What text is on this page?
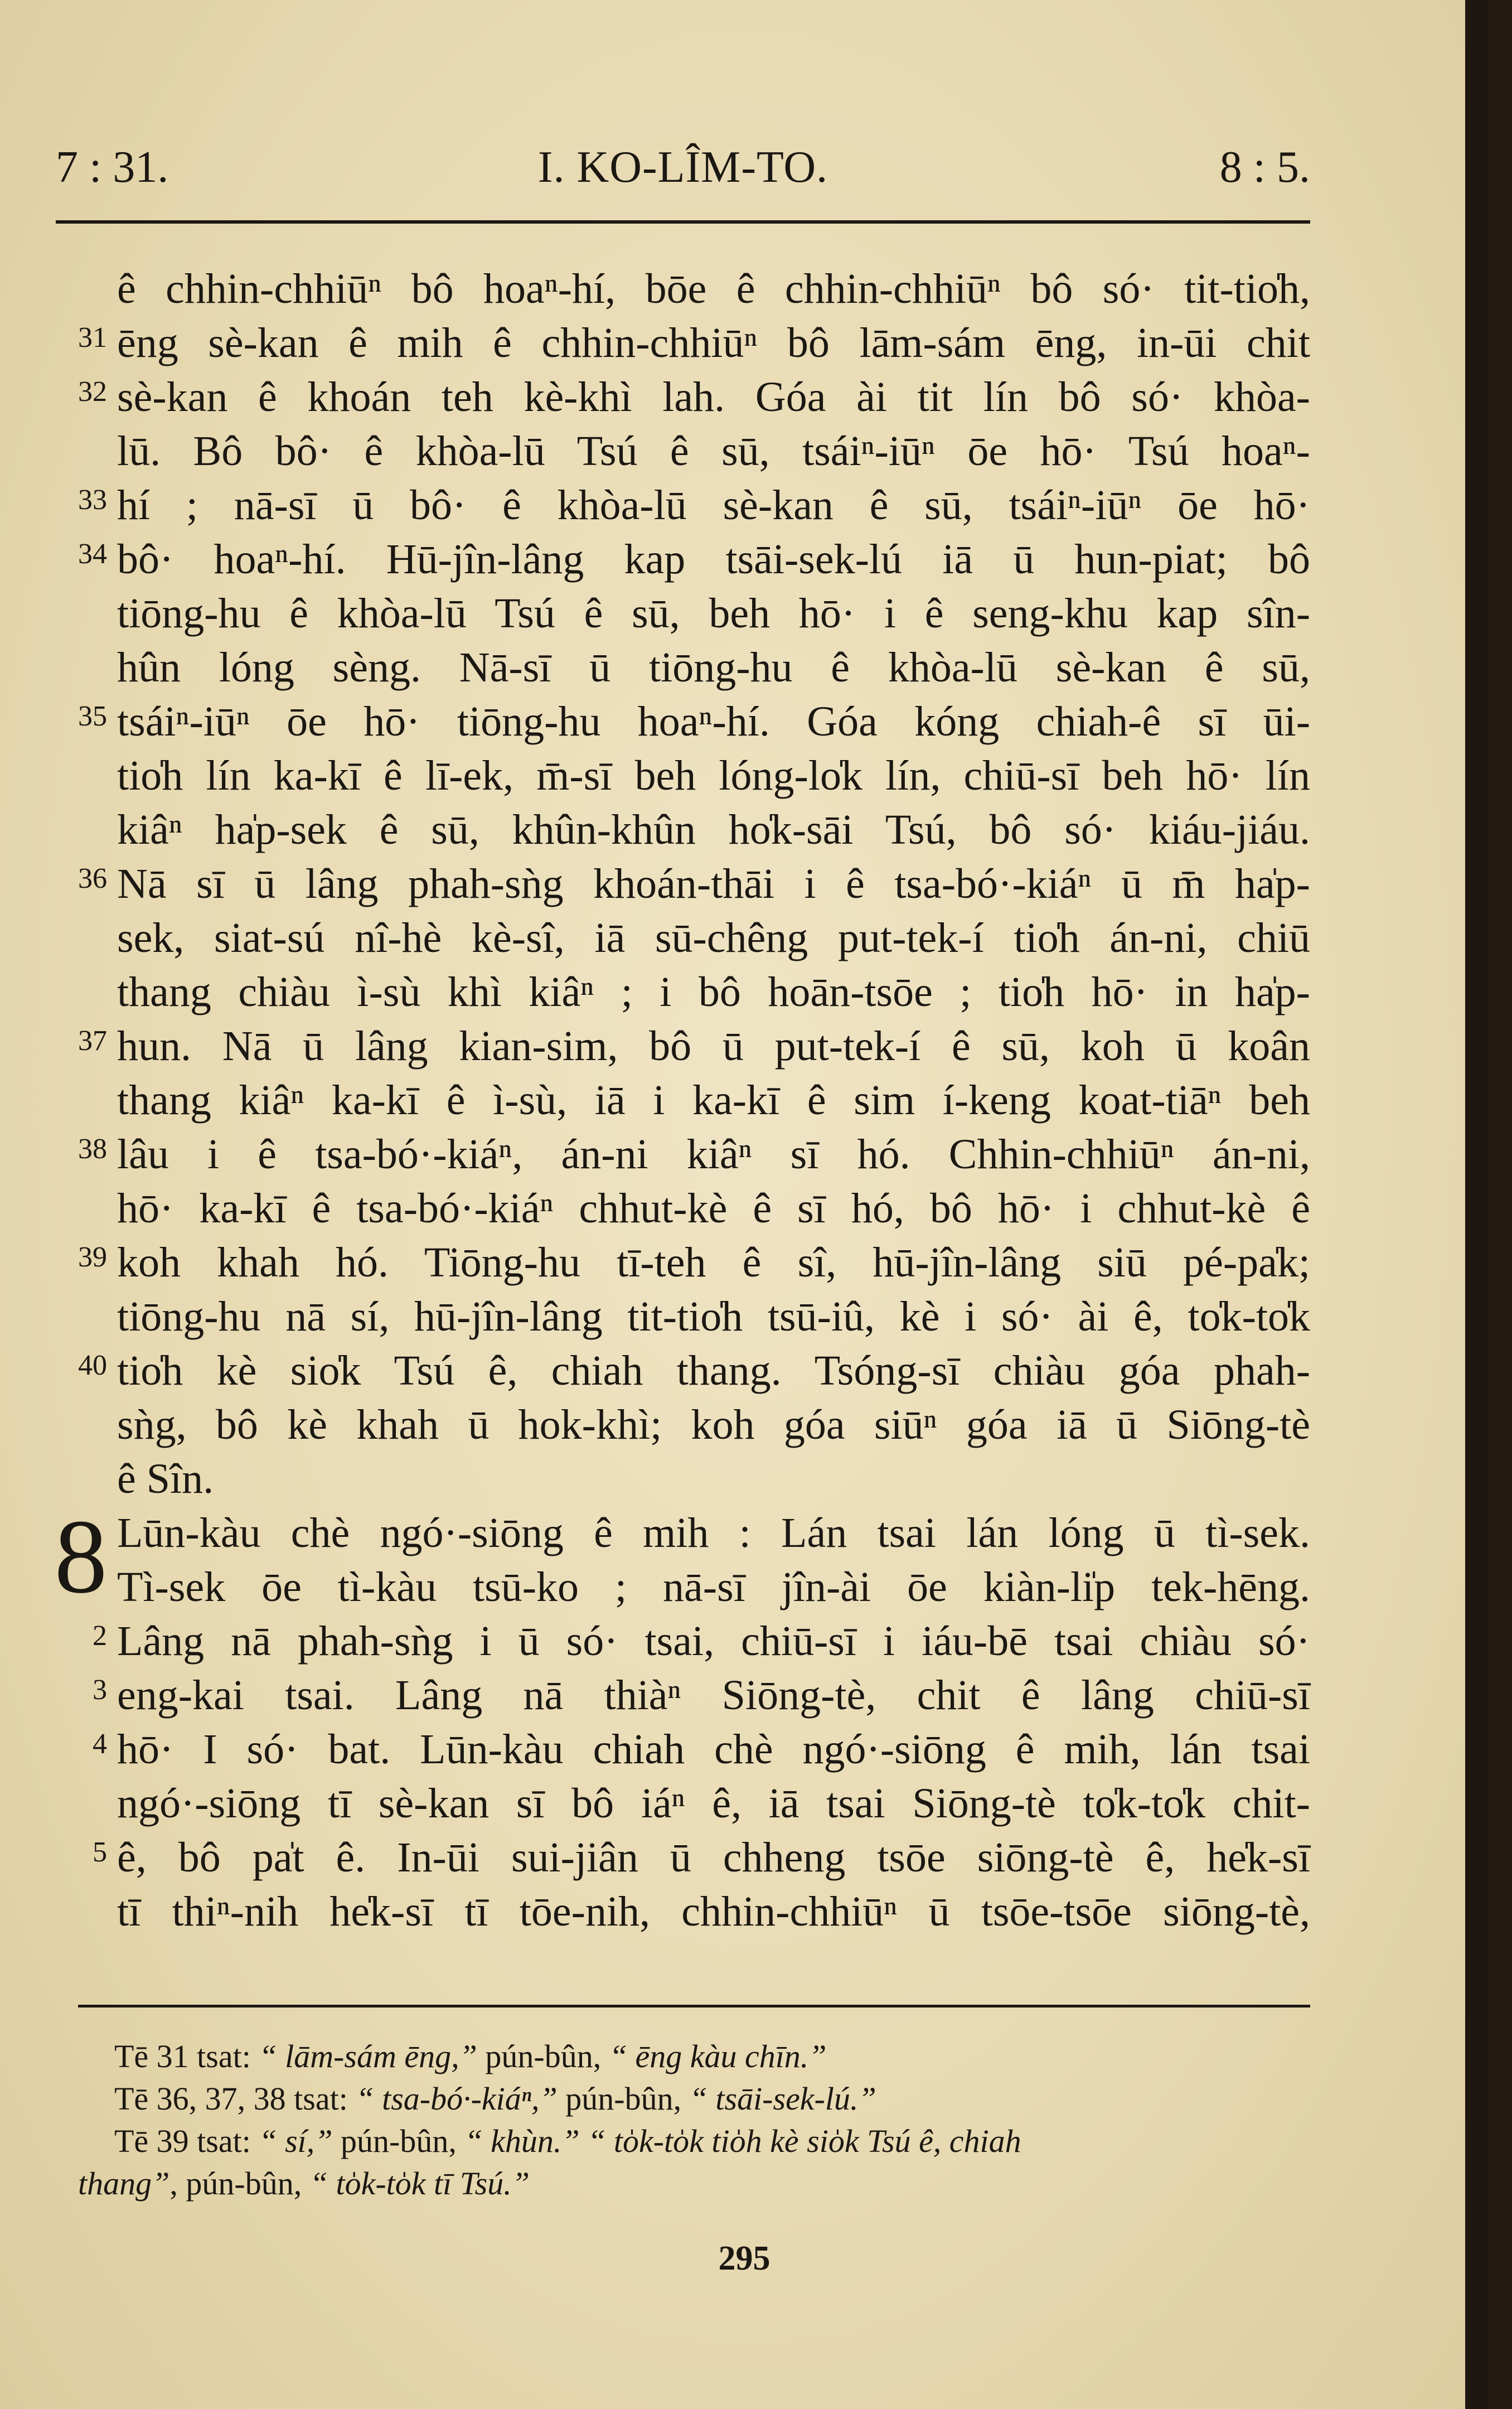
7 : 31.	I. KO-LÎM-TO.	8 : 5.
ê chhin-chhiūⁿ bô hoaⁿ-hí, bōe ê chhin-chhiūⁿ bô só· tit-tio̍h,
31 ēng sè-kan ê mih ê chhin-chhiūⁿ bô lām-sám ēng, in-ūi chit
32 sè-kan ê khoán teh kè-khì lah. Góa ài tit lín bô só· khòa-
lū. Bô bô· ê khòa-lū Tsú ê sū, tsáiⁿ-iūⁿ ōe hō· Tsú hoaⁿ-
33 hí ; nā-sī ū bô· ê khòa-lū sè-kan ê sū, tsáiⁿ-iūⁿ ōe hō·
34 bô· hoaⁿ-hí. Hū-jîn-lâng kap tsāi-sek-lú iā ū hun-piat; bô
tiōng-hu ê khòa-lū Tsú ê sū, beh hō· i ê seng-khu kap sîn-
hûn lóng sèng. Nā-sī ū tiōng-hu ê khòa-lū sè-kan ê sū,
35 tsáiⁿ-iūⁿ ōe hō· tiōng-hu hoaⁿ-hí. Góa kóng chiah-ê sī ūi-
tio̍h lín ka-kī ê lī-ek, m̄-sī beh lóng-lo̍k lín, chiū-sī beh hō· lín
kiâⁿ ha̍p-sek ê sū, khûn-khûn ho̍k-sāi Tsú, bô só· kiáu-jiáu.
36 Nā sī ū lâng phah-sǹg khoán-thāi i ê tsa-bó·-kiáⁿ ū m̄ ha̍p-
sek, siat-sú nî-hè kè-sî, iā sū-chêng put-tek-í tio̍h án-ni, chiū
thang chiàu ì-sù khì kiâⁿ ; i bô hoān-tsōe ; tio̍h hō· in ha̍p-
37 hun. Nā ū lâng kian-sim, bô ū put-tek-í ê sū, koh ū koân
thang kiâⁿ ka-kī ê ì-sù, iā i ka-kī ê sim í-keng koat-tiāⁿ beh
38 lâu i ê tsa-bó·-kiáⁿ, án-ni kiâⁿ sī hó. Chhin-chhiūⁿ án-ni,
hō· ka-kī ê tsa-bó·-kiáⁿ chhut-kè ê sī hó, bô hō· i chhut-kè ê
39 koh khah hó. Tiōng-hu tī-teh ê sî, hū-jîn-lâng siū pé-pa̍k;
tiōng-hu nā sí, hū-jîn-lâng tit-tio̍h tsū-iû, kè i só· ài ê, to̍k-to̍k
40 tio̍h kè sio̍k Tsú ê, chiah thang. Tsóng-sī chiàu góa phah-
sǹg, bô kè khah ū hok-khì; koh góa siūⁿ góa iā ū Siōng-tè
ê Sîn.
8 Lūn-kàu chè ngó·-siōng ê mih : Lán tsai lán lóng ū tì-sek.
Tì-sek ōe tì-kàu tsū-ko ; nā-sī jîn-ài ōe kiàn-li̍p tek-hēng.
2 Lâng nā phah-sǹg i ū só· tsai, chiū-sī i iáu-bē tsai chiàu só·
3 eng-kai tsai. Lâng nā thiàⁿ Siōng-tè, chit ê lâng chiū-sī
4 hō· I só· bat. Lūn-kàu chiah chè ngó·-siōng ê mih, lán tsai
ngó·-siōng tī sè-kan sī bô iáⁿ ê, iā tsai Siōng-tè to̍k-to̍k chit-
5 ê, bô pa̍t ê. In-ūi sui-jiân ū chheng tsōe siōng-tè ê, he̍k-sī
tī thiⁿ-nih he̍k-sī tī tōe-nih, chhin-chhiūⁿ ū tsōe-tsōe siōng-tè,
Tē 31 tsat: “ lām-sám ēng,” pún-bûn, “ ēng kàu chīn.”
Tē 36, 37, 38 tsat: “ tsa-bó·-kiáⁿ,” pún-bûn, “ tsāi-sek-lú.”
Tē 39 tsat: “ sí,” pún-bûn, “ khùn.” “ to̍k-to̍k tio̍h kè sio̍k Tsú ê, chiah
thang”, pún-bûn, “ to̍k-to̍k tī Tsú.”
295
